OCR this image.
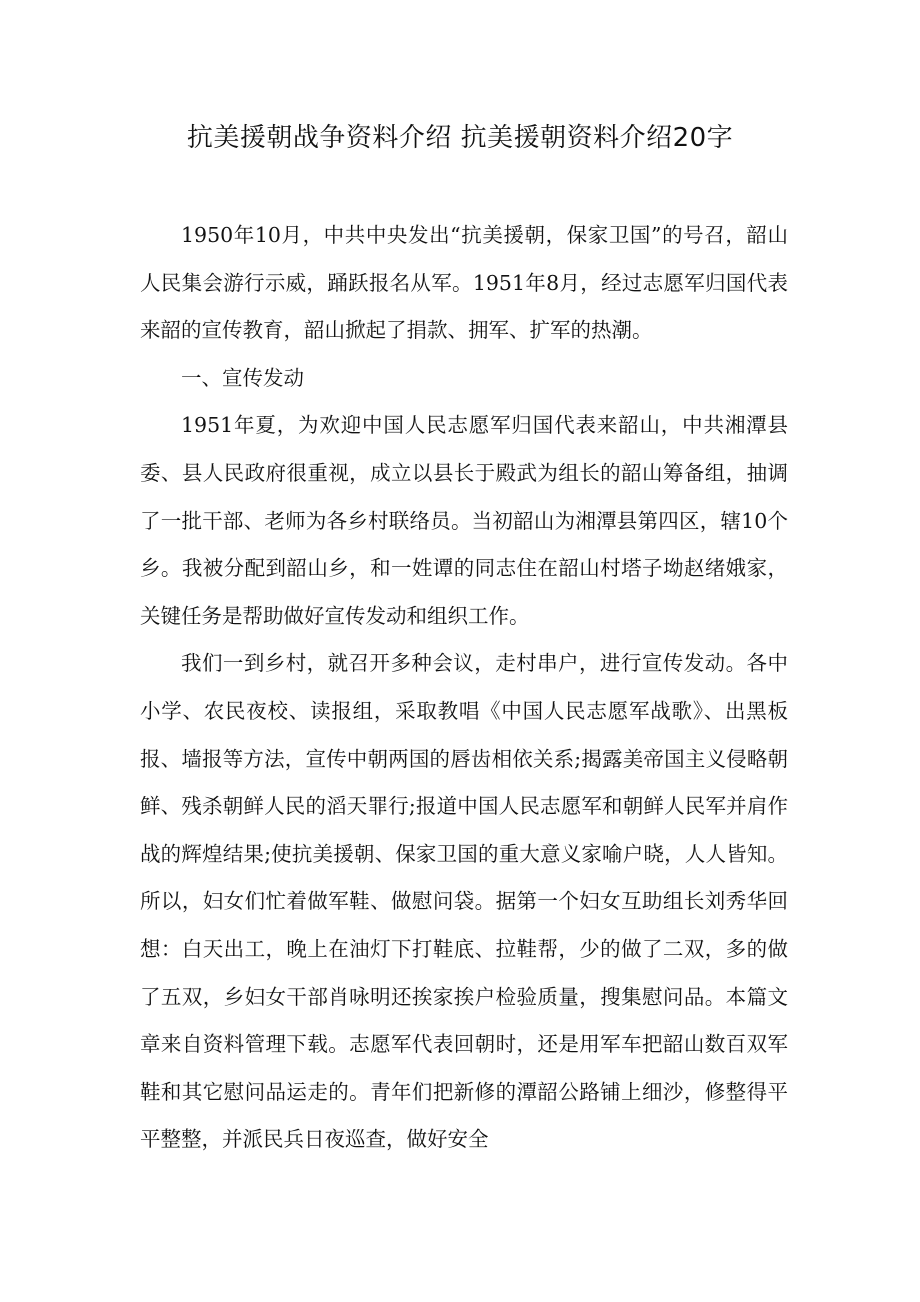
抗美援朝战争资料介绍 抗美援朝资料介绍20字

1950年10月，中共中央发出“抗美援朝，保家卫国”的号召，韶山人民集会游行示威，踊跃报名从军。1951年8月，经过志愿军归国代表来韶的宣传教育，韶山掀起了捐款、拥军、扩军的热潮。

一、宣传发动

1951年夏，为欢迎中国人民志愿军归国代表来韶山，中共湘潭县委、县人民政府很重视，成立以县长于殿武为组长的韶山筹备组，抽调了一批干部、老师为各乡村联络员。当初韶山为湘潭县第四区，辖10个乡。我被分配到韶山乡，和一姓谭的同志住在韶山村塔子坳赵绪娥家，关键任务是帮助做好宣传发动和组织工作。

我们一到乡村，就召开多种会议，走村串户，进行宣传发动。各中小学、农民夜校、读报组，采取教唱《中国人民志愿军战歌》、出黑板报、墙报等方法，宣传中朝两国的唇齿相依关系;揭露美帝国主义侵略朝鲜、残杀朝鲜人民的滔天罪行;报道中国人民志愿军和朝鲜人民军并肩作战的辉煌结果;使抗美援朝、保家卫国的重大意义家喻户晓，人人皆知。所以，妇女们忙着做军鞋、做慰问袋。据第一个妇女互助组长刘秀华回想：白天出工，晚上在油灯下打鞋底、拉鞋帮，少的做了二双，多的做了五双，乡妇女干部肖咏明还挨家挨户检验质量，搜集慰问品。本篇文章来自资料管理下载。志愿军代表回朝时，还是用军车把韶山数百双军鞋和其它慰问品运走的。青年们把新修的潭韶公路铺上细沙，修整得平平整整，并派民兵日夜巡查，做好安全
